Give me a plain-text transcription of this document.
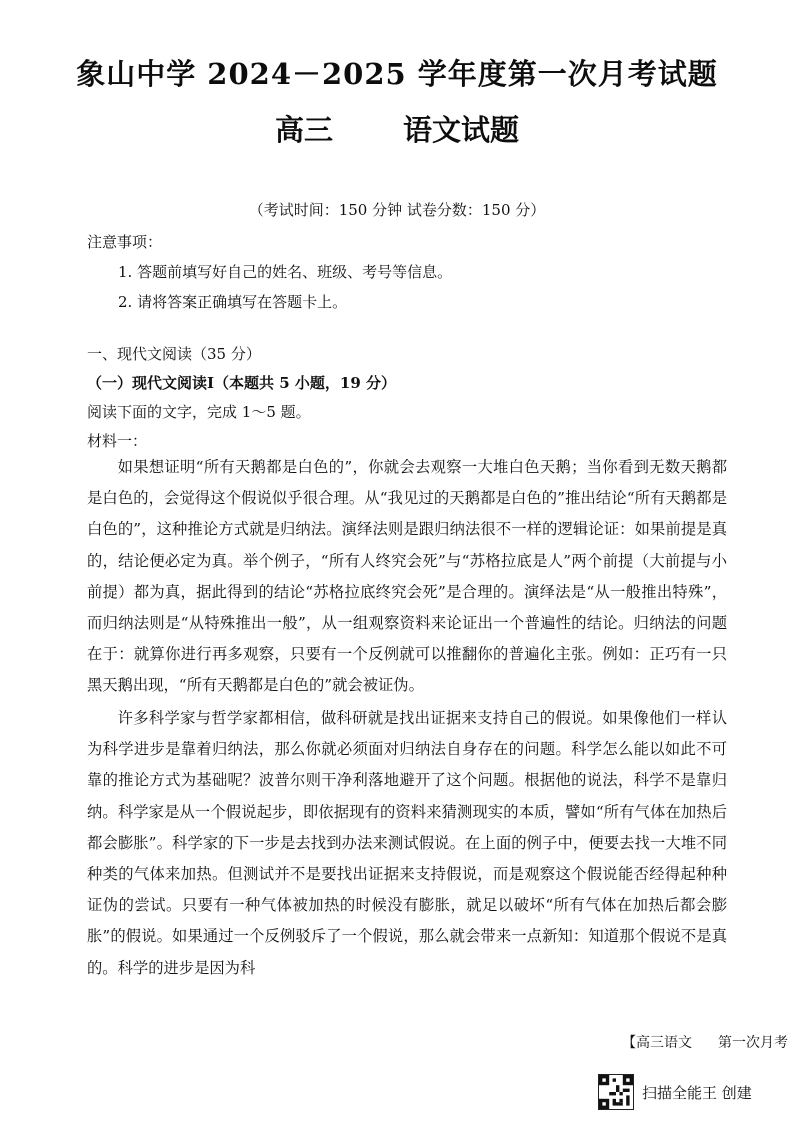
象山中学 2024－2025 学年度第一次月考试题
高三 语文试题
（考试时间：150 分钟 试卷分数：150 分）
注意事项：
1. 答题前填写好自己的姓名、班级、考号等信息。
2. 请将答案正确填写在答题卡上。
一、现代文阅读（35 分）
（一）现代文阅读Ⅰ（本题共 5 小题，19 分）
阅读下面的文字，完成 1～5 题。
材料一：
如果想证明“所有天鹅都是白色的”，你就会去观察一大堆白色天鹅；当你看到无数天鹅都是白色的，会觉得这个假说似乎很合理。从“我见过的天鹅都是白色的”推出结论“所有天鹅都是白色的”，这种推论方式就是归纳法。演绎法则是跟归纳法很不一样的逻辑论证：如果前提是真的，结论便必定为真。举个例子，“所有人终究会死”与“苏格拉底是人”两个前提（大前提与小前提）都为真，据此得到的结论“苏格拉底终究会死”是合理的。演绎法是“从一般推出特殊”，而归纳法则是“从特殊推出一般”，从一组观察资料来论证出一个普遍性的结论。归纳法的问题在于：就算你进行再多观察，只要有一个反例就可以推翻你的普遍化主张。例如：正巧有一只黑天鹅出现，“所有天鹅都是白色的”就会被证伪。
许多科学家与哲学家都相信，做科研就是找出证据来支持自己的假说。如果像他们一样认为科学进步是靠着归纳法，那么你就必须面对归纳法自身存在的问题。科学怎么能以如此不可靠的推论方式为基础呢？波普尔则干净利落地避开了这个问题。根据他的说法，科学不是靠归纳。科学家是从一个假说起步，即依据现有的资料来猜测现实的本质，譬如“所有气体在加热后都会膨胀”。科学家的下一步是去找到办法来测试假说。在上面的例子中，便要去找一大堆不同种类的气体来加热。但测试并不是要找出证据来支持假说，而是观察这个假说能否经得起种种证伪的尝试。只要有一种气体被加热的时候没有膨胀，就足以破坏“所有气体在加热后都会膨胀”的假说。如果通过一个反例驳斥了一个假说，那么就会带来一点新知：知道那个假说不是真的。科学的进步是因为科
【高三语文 第一次月考
扫描全能王 创建
